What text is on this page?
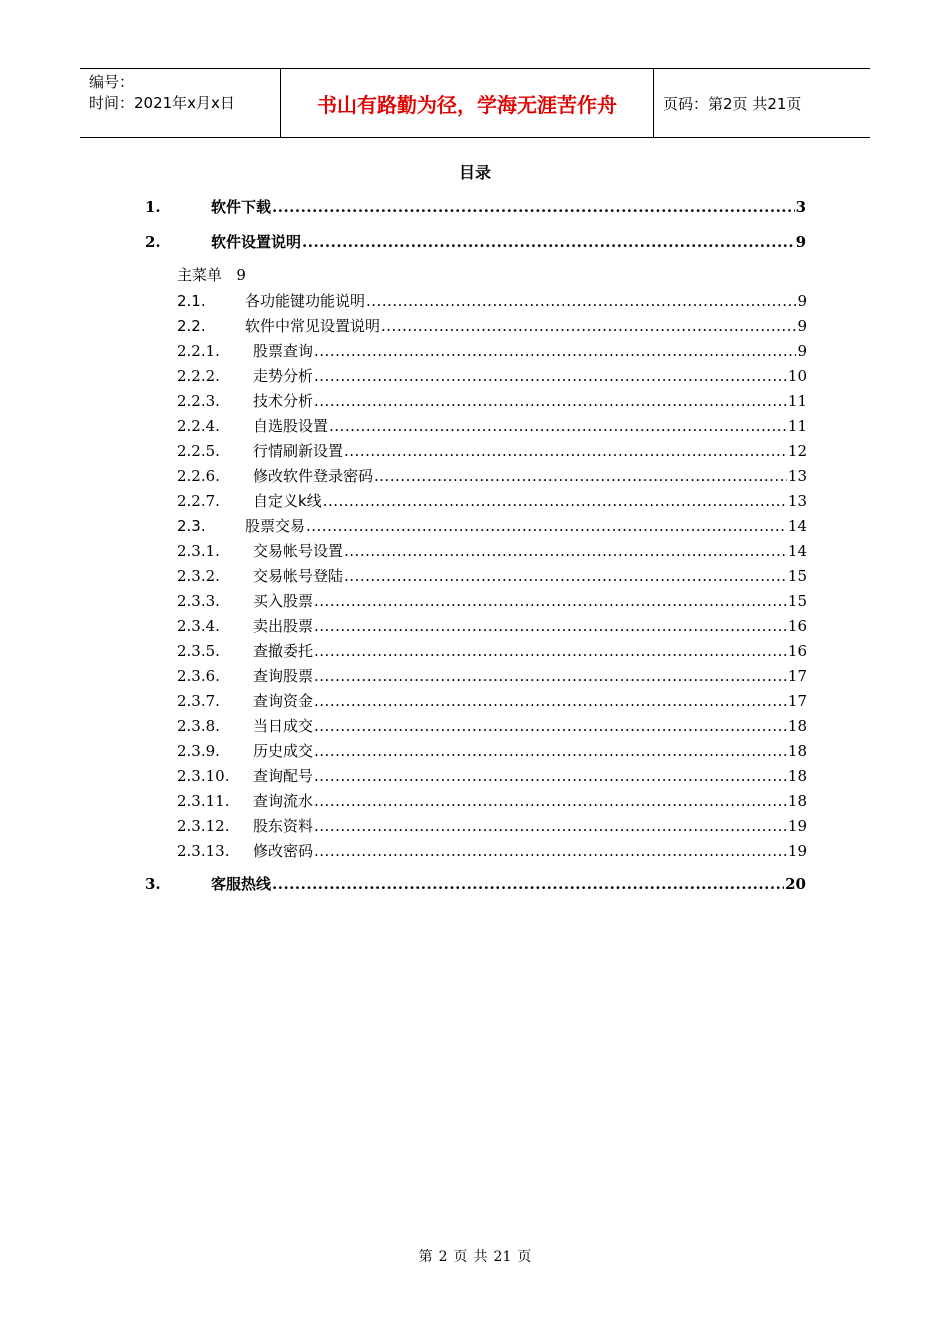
编号：
时间：2021年x月x日	书山有路勤为径，学海无涯苦作舟	页码：第2页
共21页
目录
主菜单 9
1.	软件下载 .....	3
2.	软件设置说明 .....	9
2.1.	各功能键功能说明 .....	9
2.2.	软件中常见设置说明 .....	9
2.2.1.	股票查询 .....	9
2.2.2.	走势分析 .....	10
2.2.3.	技术分析 .....	11
2.2.4.	自选股设置 .....	11
2.2.5.	行情刷新设置 .....	12
2.2.6.	修改软件登录密码 .....	13
2.2.7.	自定义k线 .....	13
2.3.	股票交易 .....	14
2.3.1.	交易帐号设置 .....	14
2.3.2.	交易帐号登陆 .....	15
2.3.3.	买入股票 .....	15
2.3.4.	卖出股票 .....	16
2.3.5.	查撤委托 .....	16
2.3.6.	查询股票 .....	17
2.3.7.	查询资金 .....	17
2.3.8.	当日成交 .....	18
2.3.9.	历史成交 .....	18
2.3.10.	查询配号 .....	18
2.3.11.	查询流水 .....	18
2.3.12.	股东资料 .....	19
2.3.13.	修改密码 .....	19
3.	客服热线 .....	20
第 2 页 共 21 页
